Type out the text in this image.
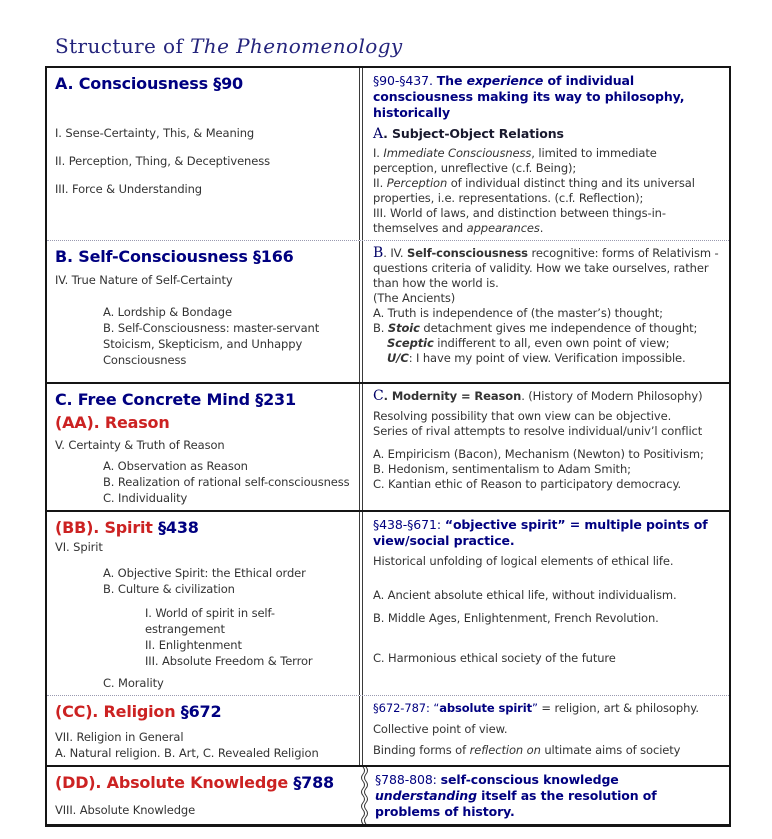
Structure of The Phenomenology
A. Consciousness §90
I. Sense-Certainty, This, & Meaning
II. Perception, Thing, & Deceptiveness
III. Force & Understanding
§90-§437. The experience of individual consciousness making its way to philosophy, historically
A. Subject-Object Relations
I. Immediate Consciousness, limited to immediate perception, unreflective (c.f. Being);
II. Perception of individual distinct thing and its universal properties, i.e. representations. (c.f. Reflection);
III. World of laws, and distinction between things-in-themselves and appearances.
B. Self-Consciousness §166
IV. True Nature of Self-Certainty
A. Lordship & Bondage
B. Self-Consciousness: master-servant Stoicism, Skepticism, and Unhappy Consciousness
B. IV. Self-consciousness recognitive: forms of Relativism - questions criteria of validity. How we take ourselves, rather than how the world is.
(The Ancients)
A. Truth is independence of (the master’s) thought;
B. Stoic detachment gives me independence of thought;
Sceptic indifferent to all, even own point of view;
U/C: I have my point of view. Verification impossible.
C. Free Concrete Mind §231
(AA). Reason
V. Certainty & Truth of Reason
A. Observation as Reason
B. Realization of rational self-consciousness
C. Individuality
C. Modernity = Reason. (History of Modern Philosophy)
Resolving possibility that own view can be objective.
Series of rival attempts to resolve individual/univ’l conflict
A. Empiricism (Bacon), Mechanism (Newton) to Positivism;
B. Hedonism, sentimentalism to Adam Smith;
C. Kantian ethic of Reason to participatory democracy.
(BB). Spirit §438
VI. Spirit
A. Objective Spirit: the Ethical order
B. Culture & civilization
I. World of spirit in self-estrangement
II. Enlightenment
III. Absolute Freedom & Terror
C. Morality
§438-§671: “objective spirit” = multiple points of view/social practice.
Historical unfolding of logical elements of ethical life.
A. Ancient absolute ethical life, without individualism.
B. Middle Ages, Enlightenment, French Revolution.
C. Harmonious ethical society of the future
(CC). Religion §672
VII. Religion in General
A. Natural religion. B. Art, C. Revealed Religion
§672-787: “absolute spirit” = religion, art & philosophy.
Collective point of view.
Binding forms of reflection on ultimate aims of society
(DD). Absolute Knowledge §788
VIII. Absolute Knowledge
§788-808: self-conscious knowledge understanding itself as the resolution of problems of history.
